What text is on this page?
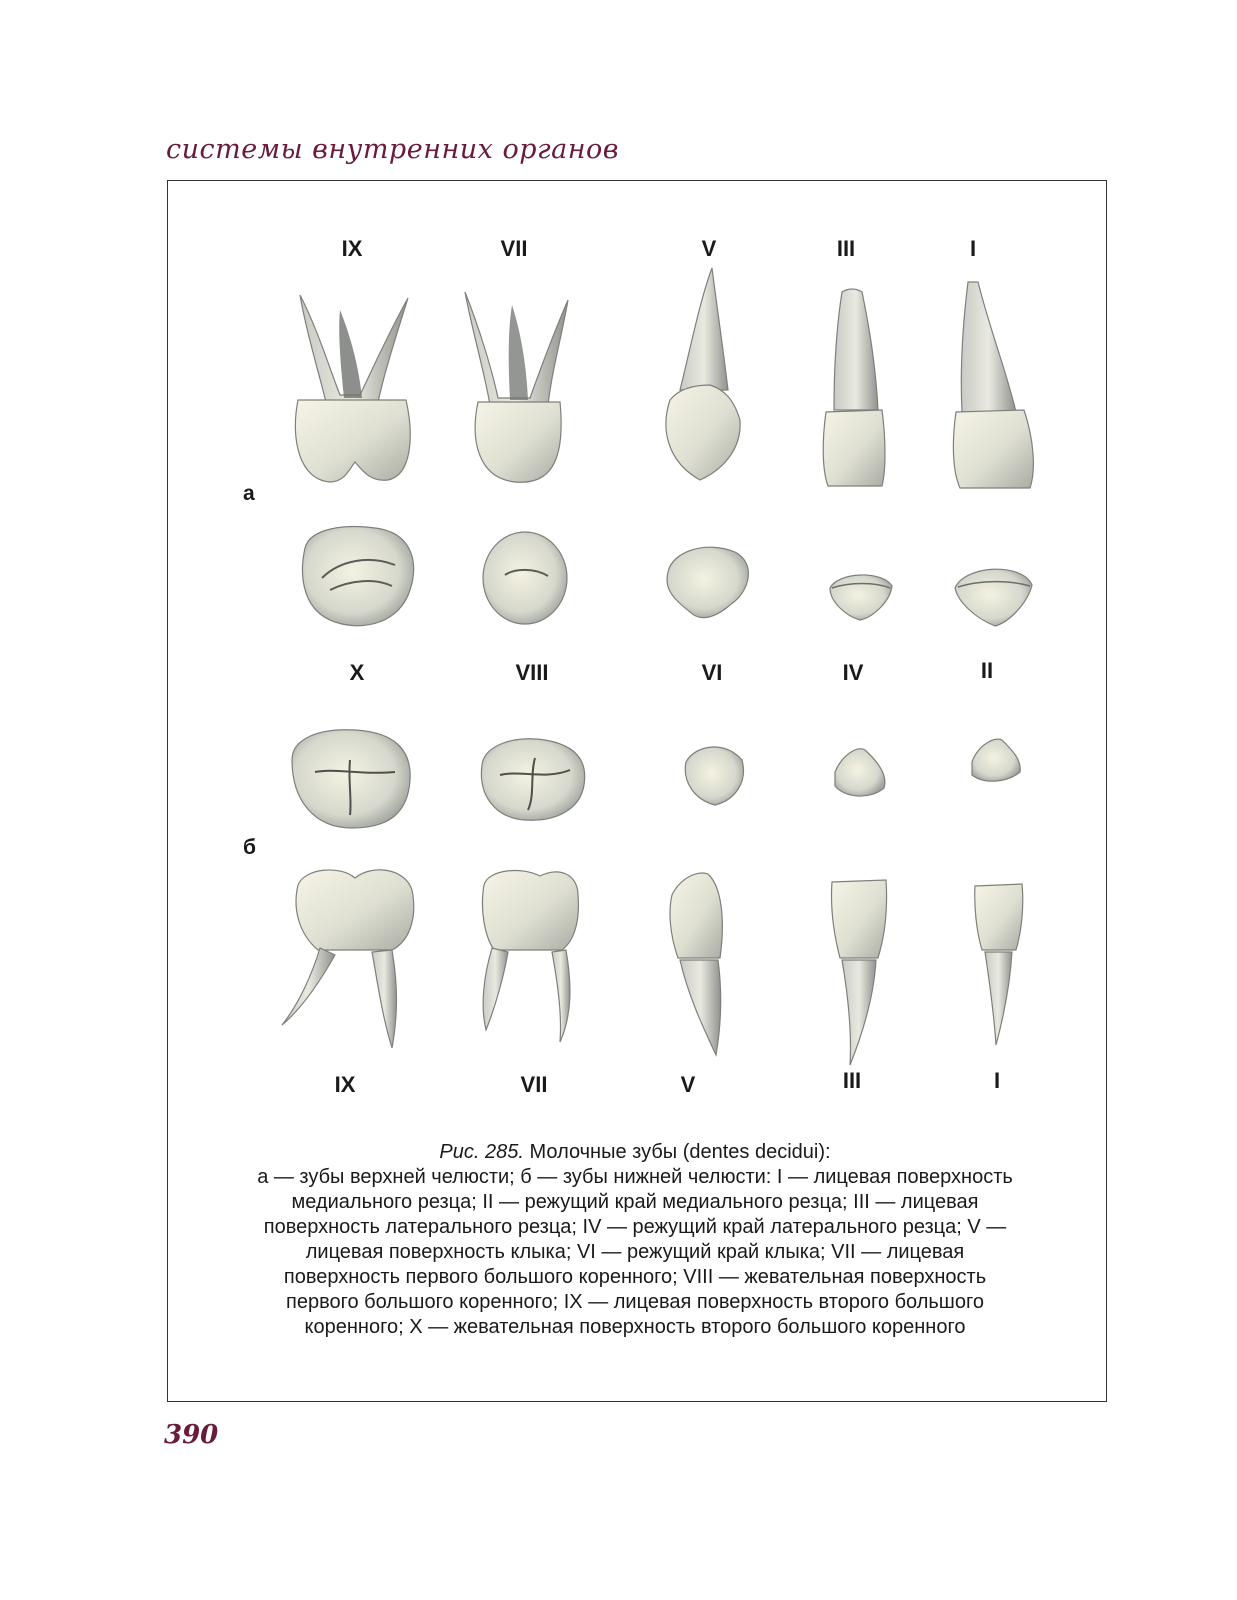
системы внутренних органов
IX	VII	V	III	I
X	VIII	VI	IV	II
IX	VII	V	III	I
а
б
Рис. 285. Молочные зубы (dentes decidui):
а — зубы верхней челюсти; б — зубы нижней челюсти: I — лицевая поверхность
медиального резца; II — режущий край медиального резца; III — лицевая
поверхность латерального резца; IV — режущий край латерального резца; V —
лицевая поверхность клыка; VI — режущий край клыка; VII — лицевая
поверхность первого большого коренного; VIII — жевательная поверхность
первого большого коренного; IX — лицевая поверхность второго большого
коренного; X — жевательная поверхность второго большого коренного
390
